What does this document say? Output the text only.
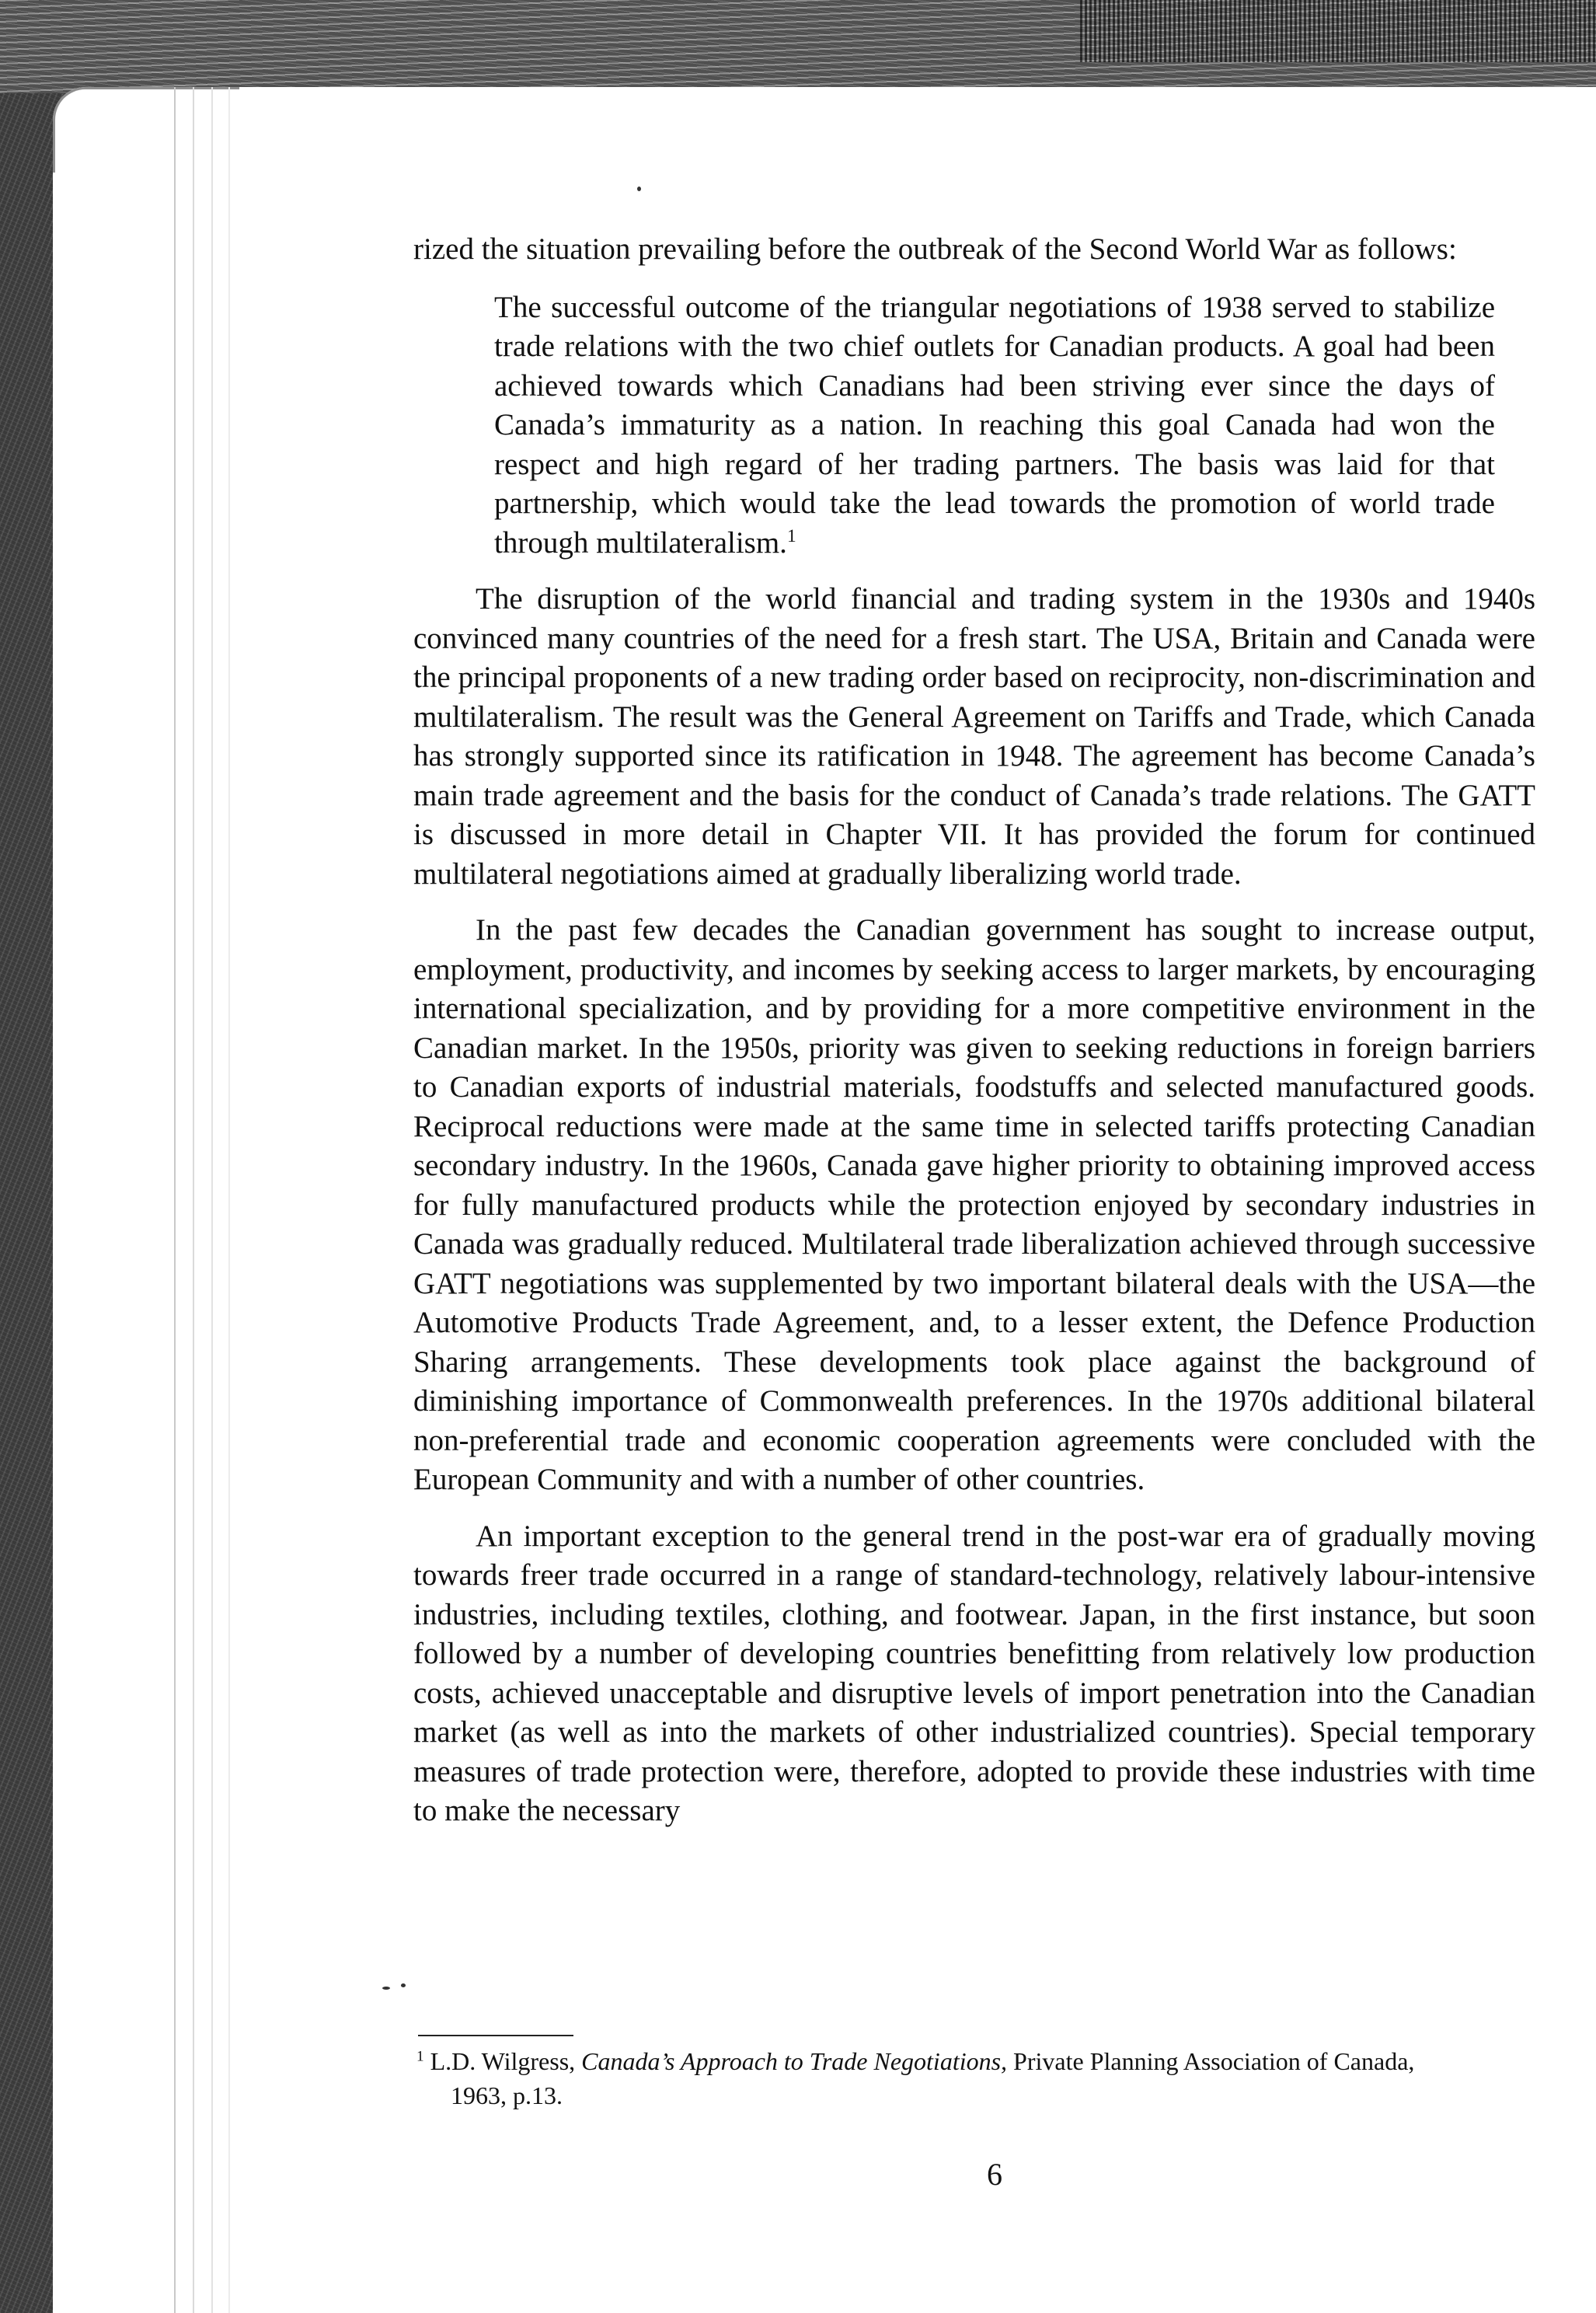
rized the situation prevailing before the outbreak of the Second World War as follows:

The successful outcome of the triangular negotiations of 1938 served to stabilize trade relations with the two chief outlets for Canadian products. A goal had been achieved towards which Canadians had been striving ever since the days of Canada’s immaturity as a nation. In reaching this goal Canada had won the respect and high regard of her trading partners. The basis was laid for that partnership, which would take the lead towards the promotion of world trade through multilateralism.$^1$

The disruption of the world financial and trading system in the 1930s and 1940s convinced many countries of the need for a fresh start. The USA, Britain and Canada were the principal proponents of a new trading order based on reciprocity, non-discrimination and multilateralism. The result was the General Agreement on Tariffs and Trade, which Canada has strongly supported since its ratification in 1948. The agreement has become Canada’s main trade agreement and the basis for the conduct of Canada’s trade relations. The GATT is discussed in more detail in Chapter VII. It has provided the forum for continued multilateral negotiations aimed at gradually liberalizing world trade.

In the past few decades the Canadian government has sought to increase output, employment, productivity, and incomes by seeking access to larger markets, by encouraging international specialization, and by providing for a more competitive environment in the Canadian market. In the 1950s, priority was given to seeking reductions in foreign barriers to Canadian exports of industrial materials, foodstuffs and selected manufactured goods. Reciprocal reductions were made at the same time in selected tariffs protecting Canadian secondary industry. In the 1960s, Canada gave higher priority to obtaining improved access for fully manufactured products while the protection enjoyed by secondary industries in Canada was gradually reduced. Multilateral trade liberalization achieved through successive GATT negotiations was supplemented by two important bilateral deals with the USA—the Automotive Products Trade Agreement, and, to a lesser extent, the Defence Production Sharing arrangements. These developments took place against the background of diminishing importance of Commonwealth preferences. In the 1970s additional bilateral non-preferential trade and economic cooperation agreements were concluded with the European Community and with a number of other countries.

An important exception to the general trend in the post-war era of gradually moving towards freer trade occurred in a range of standard-technology, relatively labour-intensive industries, including textiles, clothing, and footwear. Japan, in the first instance, but soon followed by a number of developing countries benefitting from relatively low production costs, achieved unacceptable and disruptive levels of import penetration into the Canadian market (as well as into the markets of other industrialized countries). Special temporary measures of trade protection were, therefore, adopted to provide these industries with time to make the necessary

$^1$ L.D. Wilgress, Canada’s Approach to Trade Negotiations, Private Planning Association of Canada,
1963, p.13.
6
